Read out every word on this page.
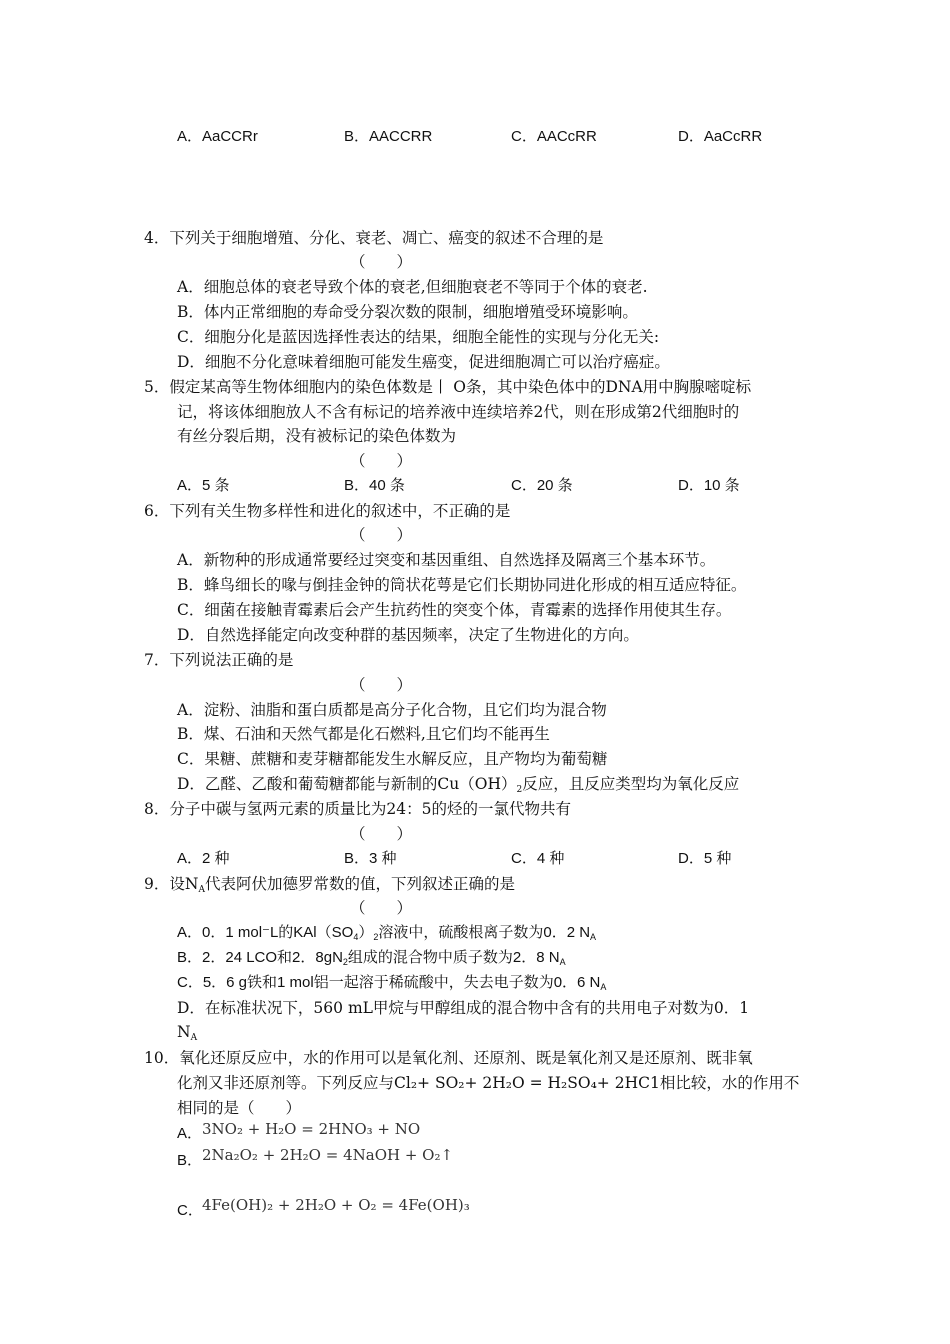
A．AaCCRr	B．AACCRR	C．AACcRR	D．AaCcRR
4．下列关于细胞增殖、分化、衰老、凋亡、癌变的叙述不合理的是
（　　）
A．细胞总体的衰老导致个体的衰老,但细胞衰老不等同于个体的衰老.
B．体内正常细胞的寿命受分裂次数的限制，细胞增殖受环境影响。
C．细胞分化是蓝因选择性表达的结果，细胞全能性的实现与分化无关:
D．细胞不分化意味着细胞可能发生癌变，促进细胞凋亡可以治疗癌症。
5．假定某高等生物体细胞内的染色体数是丨 O条，其中染色体中的DNA用中胸腺嘧啶标
记，将该体细胞放人不含有标记的培养液中连续培养2代，则在形成第2代细胞时的
有丝分裂后期，没有被标记的染色体数为
（　　）
A．5 条	B．40 条	C．20 条	D．10 条
6．下列有关生物多样性和进化的叙述中，不正确的是
（　　）
A．新物种的形成通常要经过突变和基因重组、自然选择及隔离三个基本环节。
B．蜂鸟细长的喙与倒挂金钟的筒状花萼是它们长期协同进化形成的相互适应特征。
C．细菌在接触青霉素后会产生抗药性的突变个体，青霉素的选择作用使其生存。
D．自然选择能定向改变种群的基因频率，决定了生物进化的方向。
7．下列说法正确的是
（　　）
A．淀粉、油脂和蛋白质都是高分子化合物，且它们均为混合物
B．煤、石油和天然气都是化石燃料,且它们均不能再生
C．果糖、蔗糖和麦芽糖都能发生水解反应，且产物均为葡萄糖
D．乙醛、乙酸和葡萄糖都能与新制的$Cu(OH)_2$反应，且反应类型均为氧化反应
8．分子中碳与氢两元素的质量比为24：5的烃的一氯代物共有
（　　）
A．2 种	B．3 种	C．4 种	D．5 种
9．设$N_A$代表阿伏加德罗常数的值，下列叙述正确的是
（　　）
A．0．1 mol⁻L的$KAl(SO_4)_2$溶液中，硫酸根离子数为0．2 $N_A$
B．2．24 LCO和2．$8gN_2$组成的混合物中质子数为2．8 $N_A$
C．5．6 g铁和1 mol铝一起溶于稀硫酸中，失去电子数为0．6 $N_A$
D．在标准状况下，560 mL甲烷与甲醇组成的混合物中含有的共用电子对数为0．1
$N_A$
10．氧化还原反应中，水的作用可以是氧化剂、还原剂、既是氧化剂又是还原剂、既非氧
化剂又非还原剂等。下列反应与Cl₂+ SO₂+ 2H₂O = H₂SO₄+ 2HC1相比较，水的作用不
相同的是（　　）
A． 3NO₂ + H₂O = 2HNO₃ + NO
B． 2Na₂O₂ + 2H₂O = 4NaOH + O₂↑
C． 4Fe(OH)₂ + 2H₂O + O₂ = 4Fe(OH)₃
